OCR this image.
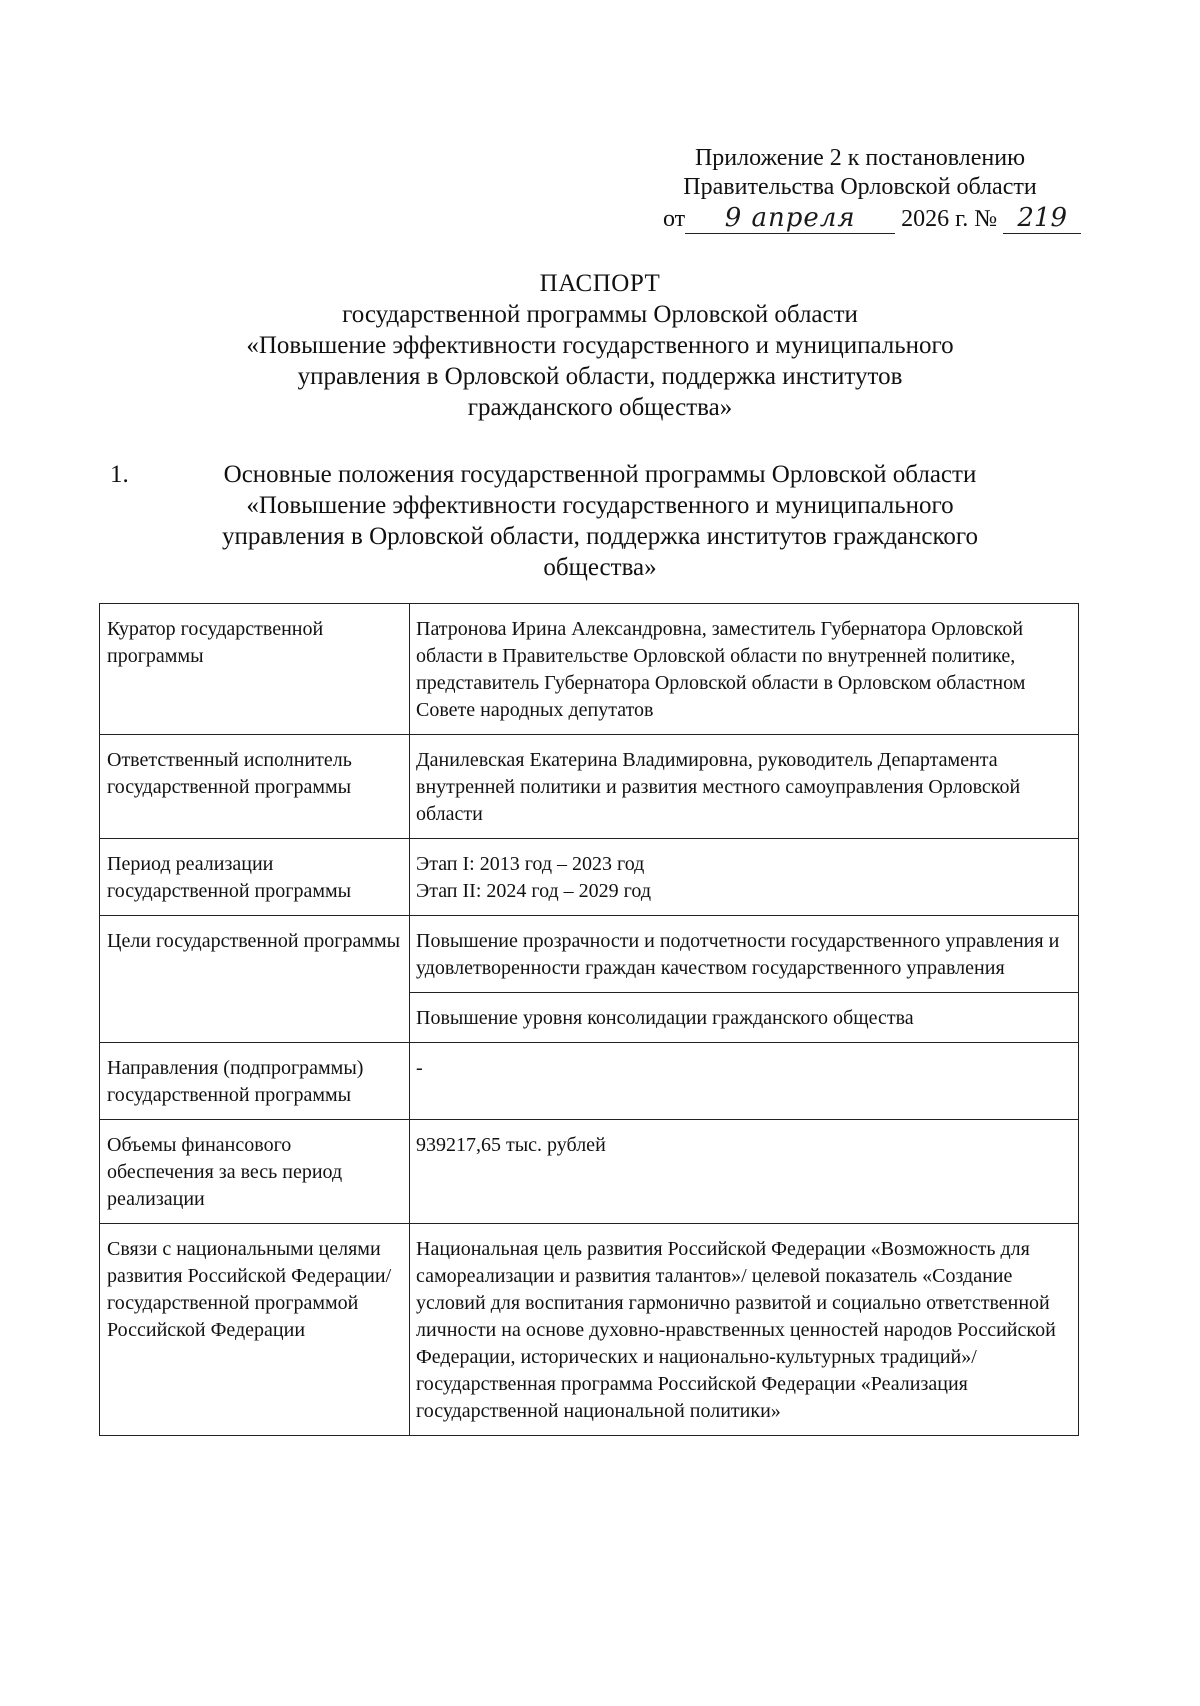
Приложение 2 к постановлению
Правительства Орловской области
от 9 апреля 2026 г. № 219
ПАСПОРТ
государственной программы Орловской области
«Повышение эффективности государственного и муниципального
управления в Орловской области, поддержка институтов
гражданского общества»
1.	Основные положения государственной программы Орловской области
«Повышение эффективности государственного и муниципального
управления в Орловской области, поддержка институтов гражданского
общества»
Куратор государственной программы	Патронова Ирина Александровна, заместитель Губернатора Орловской области в Правительстве Орловской области по внутренней политике, представитель Губернатора Орловской области в Орловском областном Совете народных депутатов
Ответственный исполнитель государственной программы	Данилевская Екатерина Владимировна, руководитель Департамента внутренней политики и развития местного самоуправления Орловской области
Период реализации государственной программы	Этап I: 2013 год – 2023 год
Этап II: 2024 год – 2029 год

Цели государственной программы	Повышение прозрачности и подотчетности государственного управления и удовлетворенности граждан качеством государственного управления
	Повышение уровня консолидации гражданского общества
Направления (подпрограммы) государственной программы	-
Объемы финансового обеспечения за весь период реализации	939217,65 тыс. рублей
Связи с национальными целями развития Российской Федерации/государственной программой Российской Федерации	Национальная цель развития Российской Федерации «Возможность для самореализации и развития талантов»/ целевой показатель «Создание условий для воспитания гармонично развитой и социально ответственной личности на основе духовно-нравственных ценностей народов Российской Федерации, исторических и национально-культурных традиций»/государственная программа Российской Федерации «Реализация государственной национальной политики»
